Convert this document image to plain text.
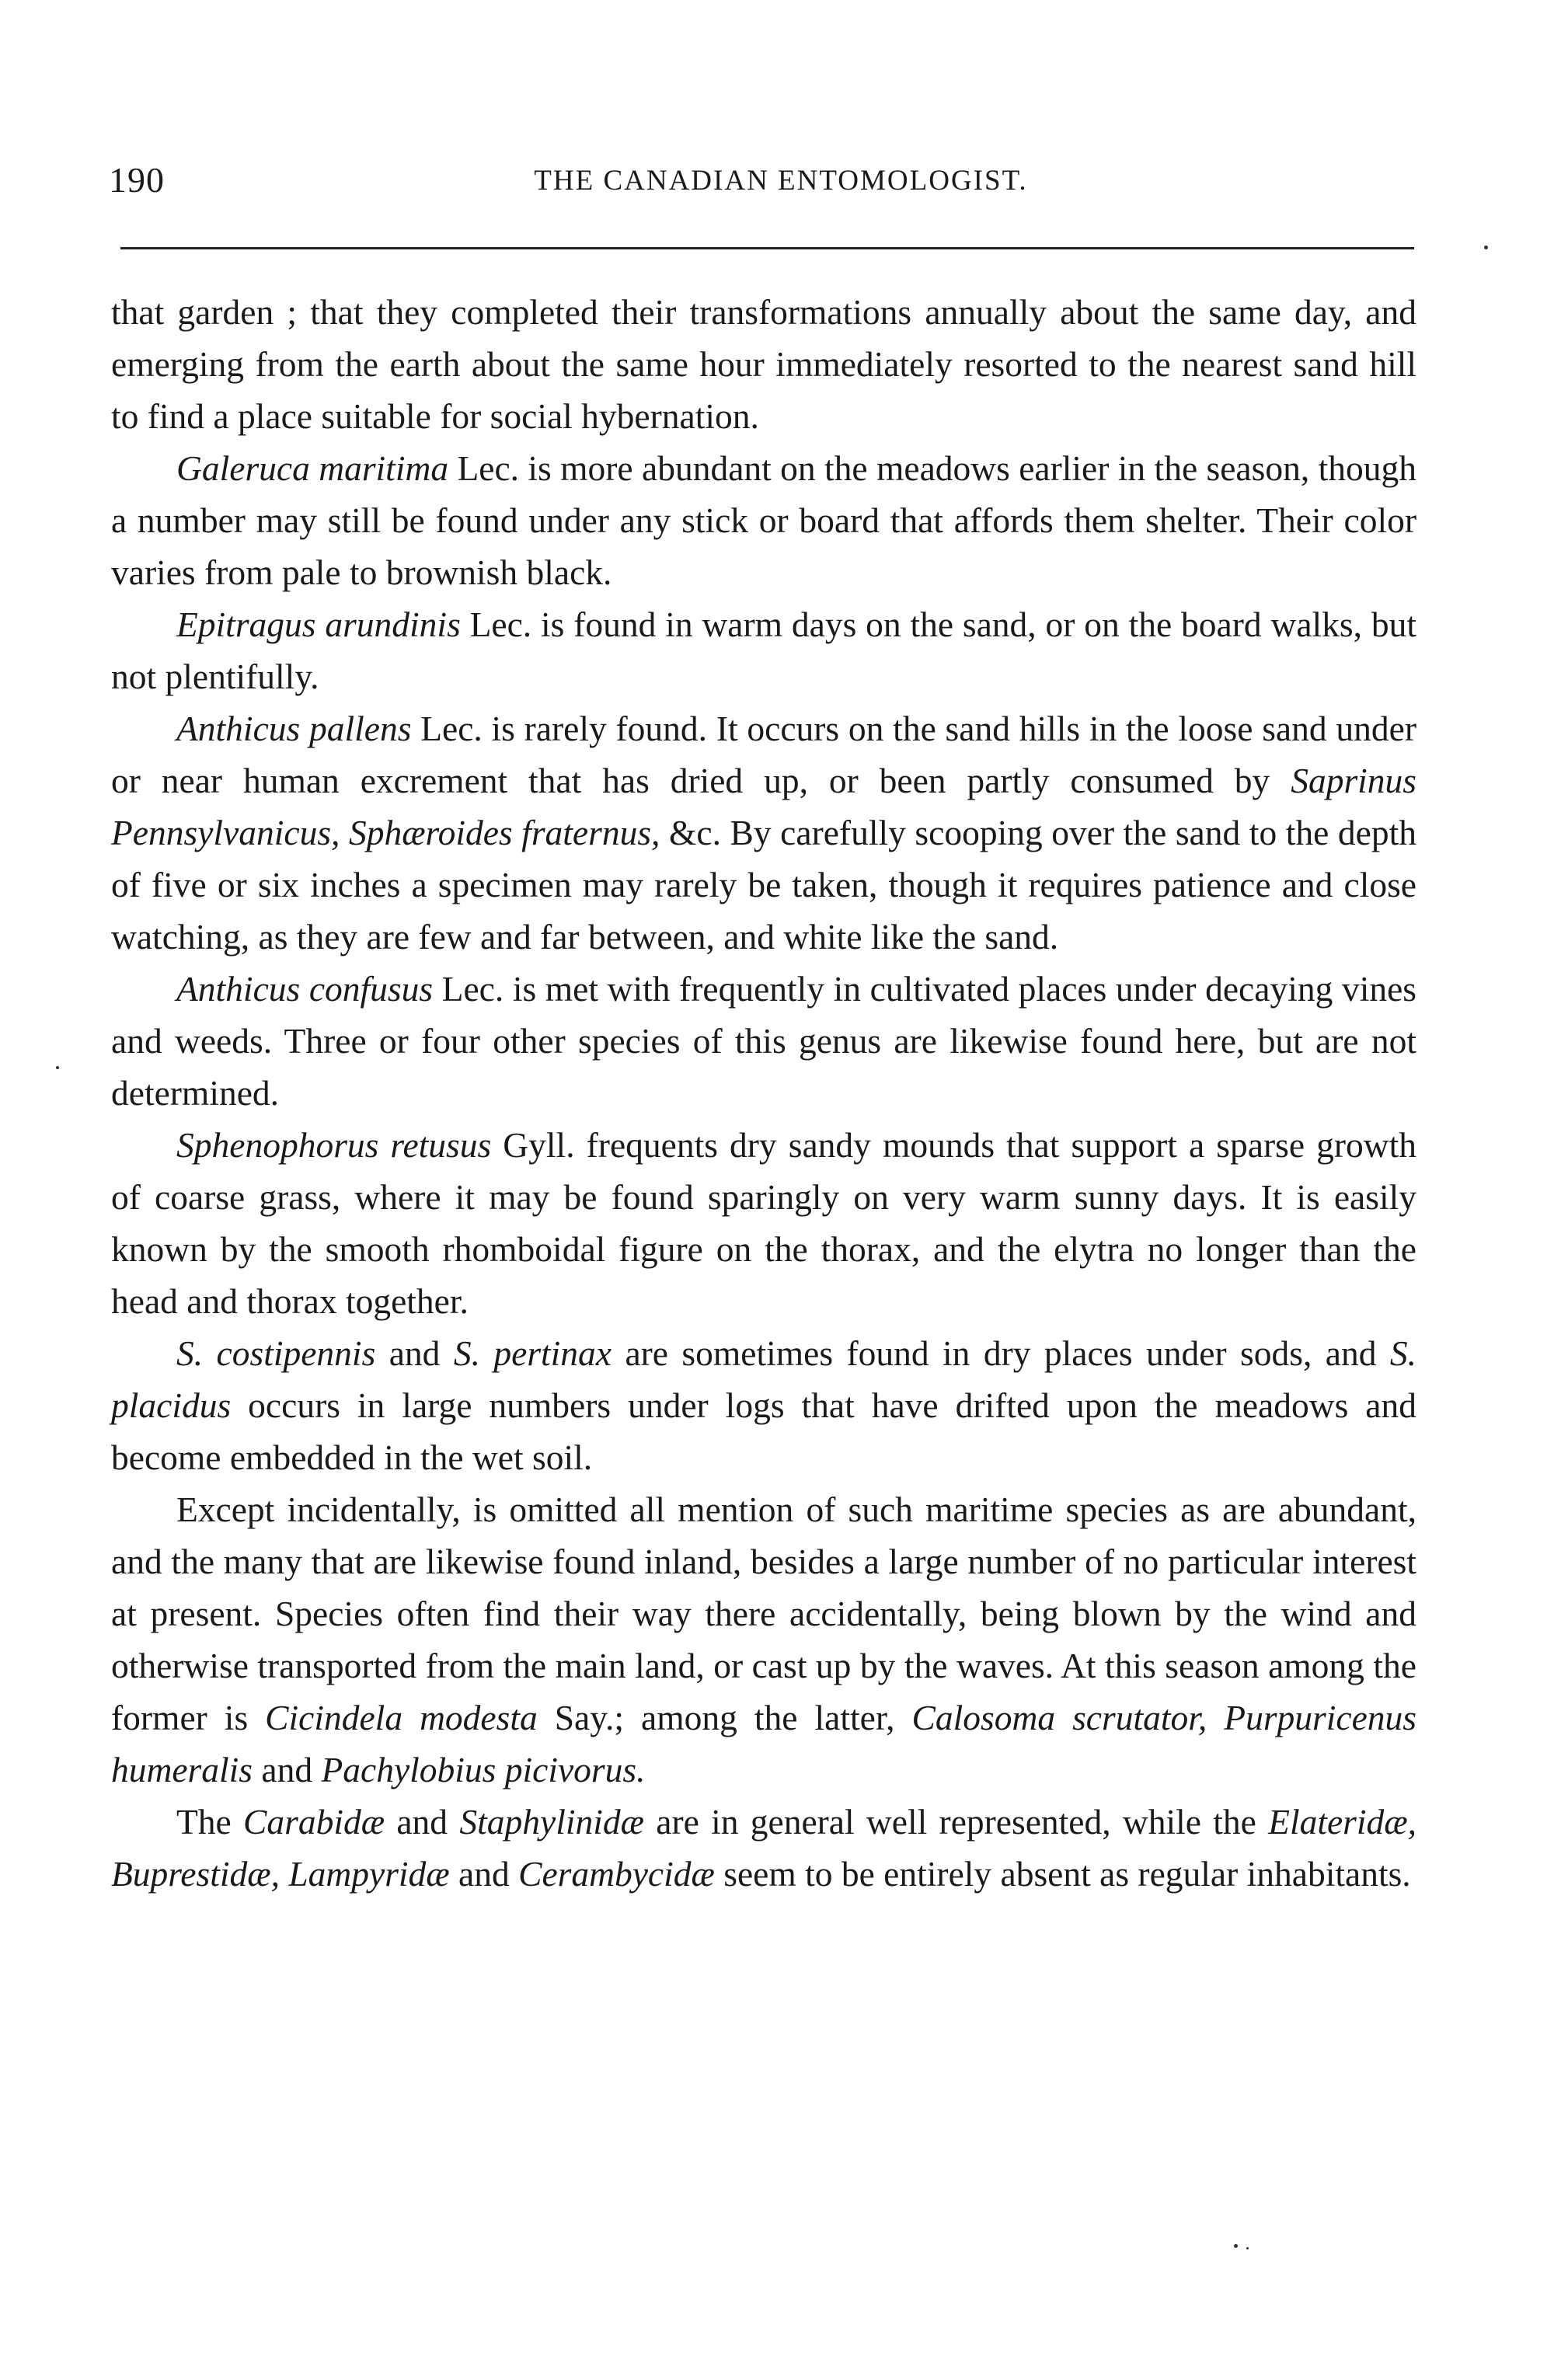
190	THE CANADIAN ENTOMOLOGIST.

that garden ; that they completed their transformations annually about the same day, and emerging from the earth about the same hour immediately resorted to the nearest sand hill to find a place suitable for social hybernation.

Galeruca maritima Lec. is more abundant on the meadows earlier in the season, though a number may still be found under any stick or board that affords them shelter. Their color varies from pale to brownish black.

Epitragus arundinis Lec. is found in warm days on the sand, or on the board walks, but not plentifully.

Anthicus pallens Lec. is rarely found. It occurs on the sand hills in the loose sand under or near human excrement that has dried up, or been partly consumed by Saprinus Pennsylvanicus, Sphæroides fraternus, &c. By carefully scooping over the sand to the depth of five or six inches a specimen may rarely be taken, though it requires patience and close watching, as they are few and far between, and white like the sand.

Anthicus confusus Lec. is met with frequently in cultivated places under decaying vines and weeds. Three or four other species of this genus are likewise found here, but are not determined.

Sphenophorus retusus Gyll. frequents dry sandy mounds that support a sparse growth of coarse grass, where it may be found sparingly on very warm sunny days. It is easily known by the smooth rhomboidal figure on the thorax, and the elytra no longer than the head and thorax together.

S. costipennis and S. pertinax are sometimes found in dry places under sods, and S. placidus occurs in large numbers under logs that have drifted upon the meadows and become embedded in the wet soil.

Except incidentally, is omitted all mention of such maritime species as are abundant, and the many that are likewise found inland, besides a large number of no particular interest at present. Species often find their way there accidentally, being blown by the wind and otherwise transported from the main land, or cast up by the waves. At this season among the former is Cicindela modesta Say.; among the latter, Calosoma scrutator, Purpuricenus humeralis and Pachylobius picivorus.

The Carabidæ and Staphylinidæ are in general well represented, while the Elateridæ, Buprestidæ, Lampyridæ and Cerambycidæ seem to be entirely absent as regular inhabitants.
